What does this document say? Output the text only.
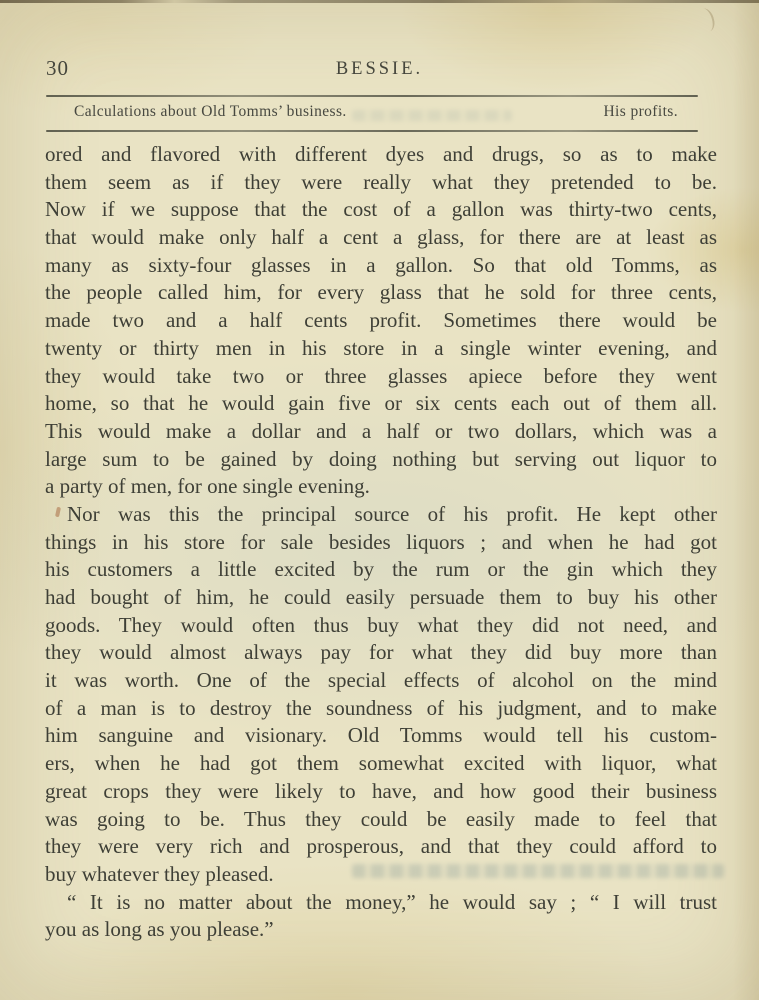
30	BESSIE.
Calculations about Old Tomms’ business.	His profits.
ored and flavored with different dyes and drugs, so as to make
them seem as if they were really what they pretended to be.
Now if we suppose that the cost of a gallon was thirty-two cents,
that would make only half a cent a glass, for there are at least as
many as sixty-four glasses in a gallon. So that old Tomms, as
the people called him, for every glass that he sold for three cents,
made two and a half cents profit. Sometimes there would be
twenty or thirty men in his store in a single winter evening, and
they would take two or three glasses apiece before they went
home, so that he would gain five or six cents each out of them all.
This would make a dollar and a half or two dollars, which was a
large sum to be gained by doing nothing but serving out liquor to
a party of men, for one single evening.
Nor was this the principal source of his profit. He kept other
things in his store for sale besides liquors ; and when he had got
his customers a little excited by the rum or the gin which they
had bought of him, he could easily persuade them to buy his other
goods. They would often thus buy what they did not need, and
they would almost always pay for what they did buy more than
it was worth. One of the special effects of alcohol on the mind
of a man is to destroy the soundness of his judgment, and to make
him sanguine and visionary. Old Tomms would tell his custom-
ers, when he had got them somewhat excited with liquor, what
great crops they were likely to have, and how good their business
was going to be. Thus they could be easily made to feel that
they were very rich and prosperous, and that they could afford to
buy whatever they pleased.
“ It is no matter about the money,” he would say ; “ I will trust
you as long as you please.”
